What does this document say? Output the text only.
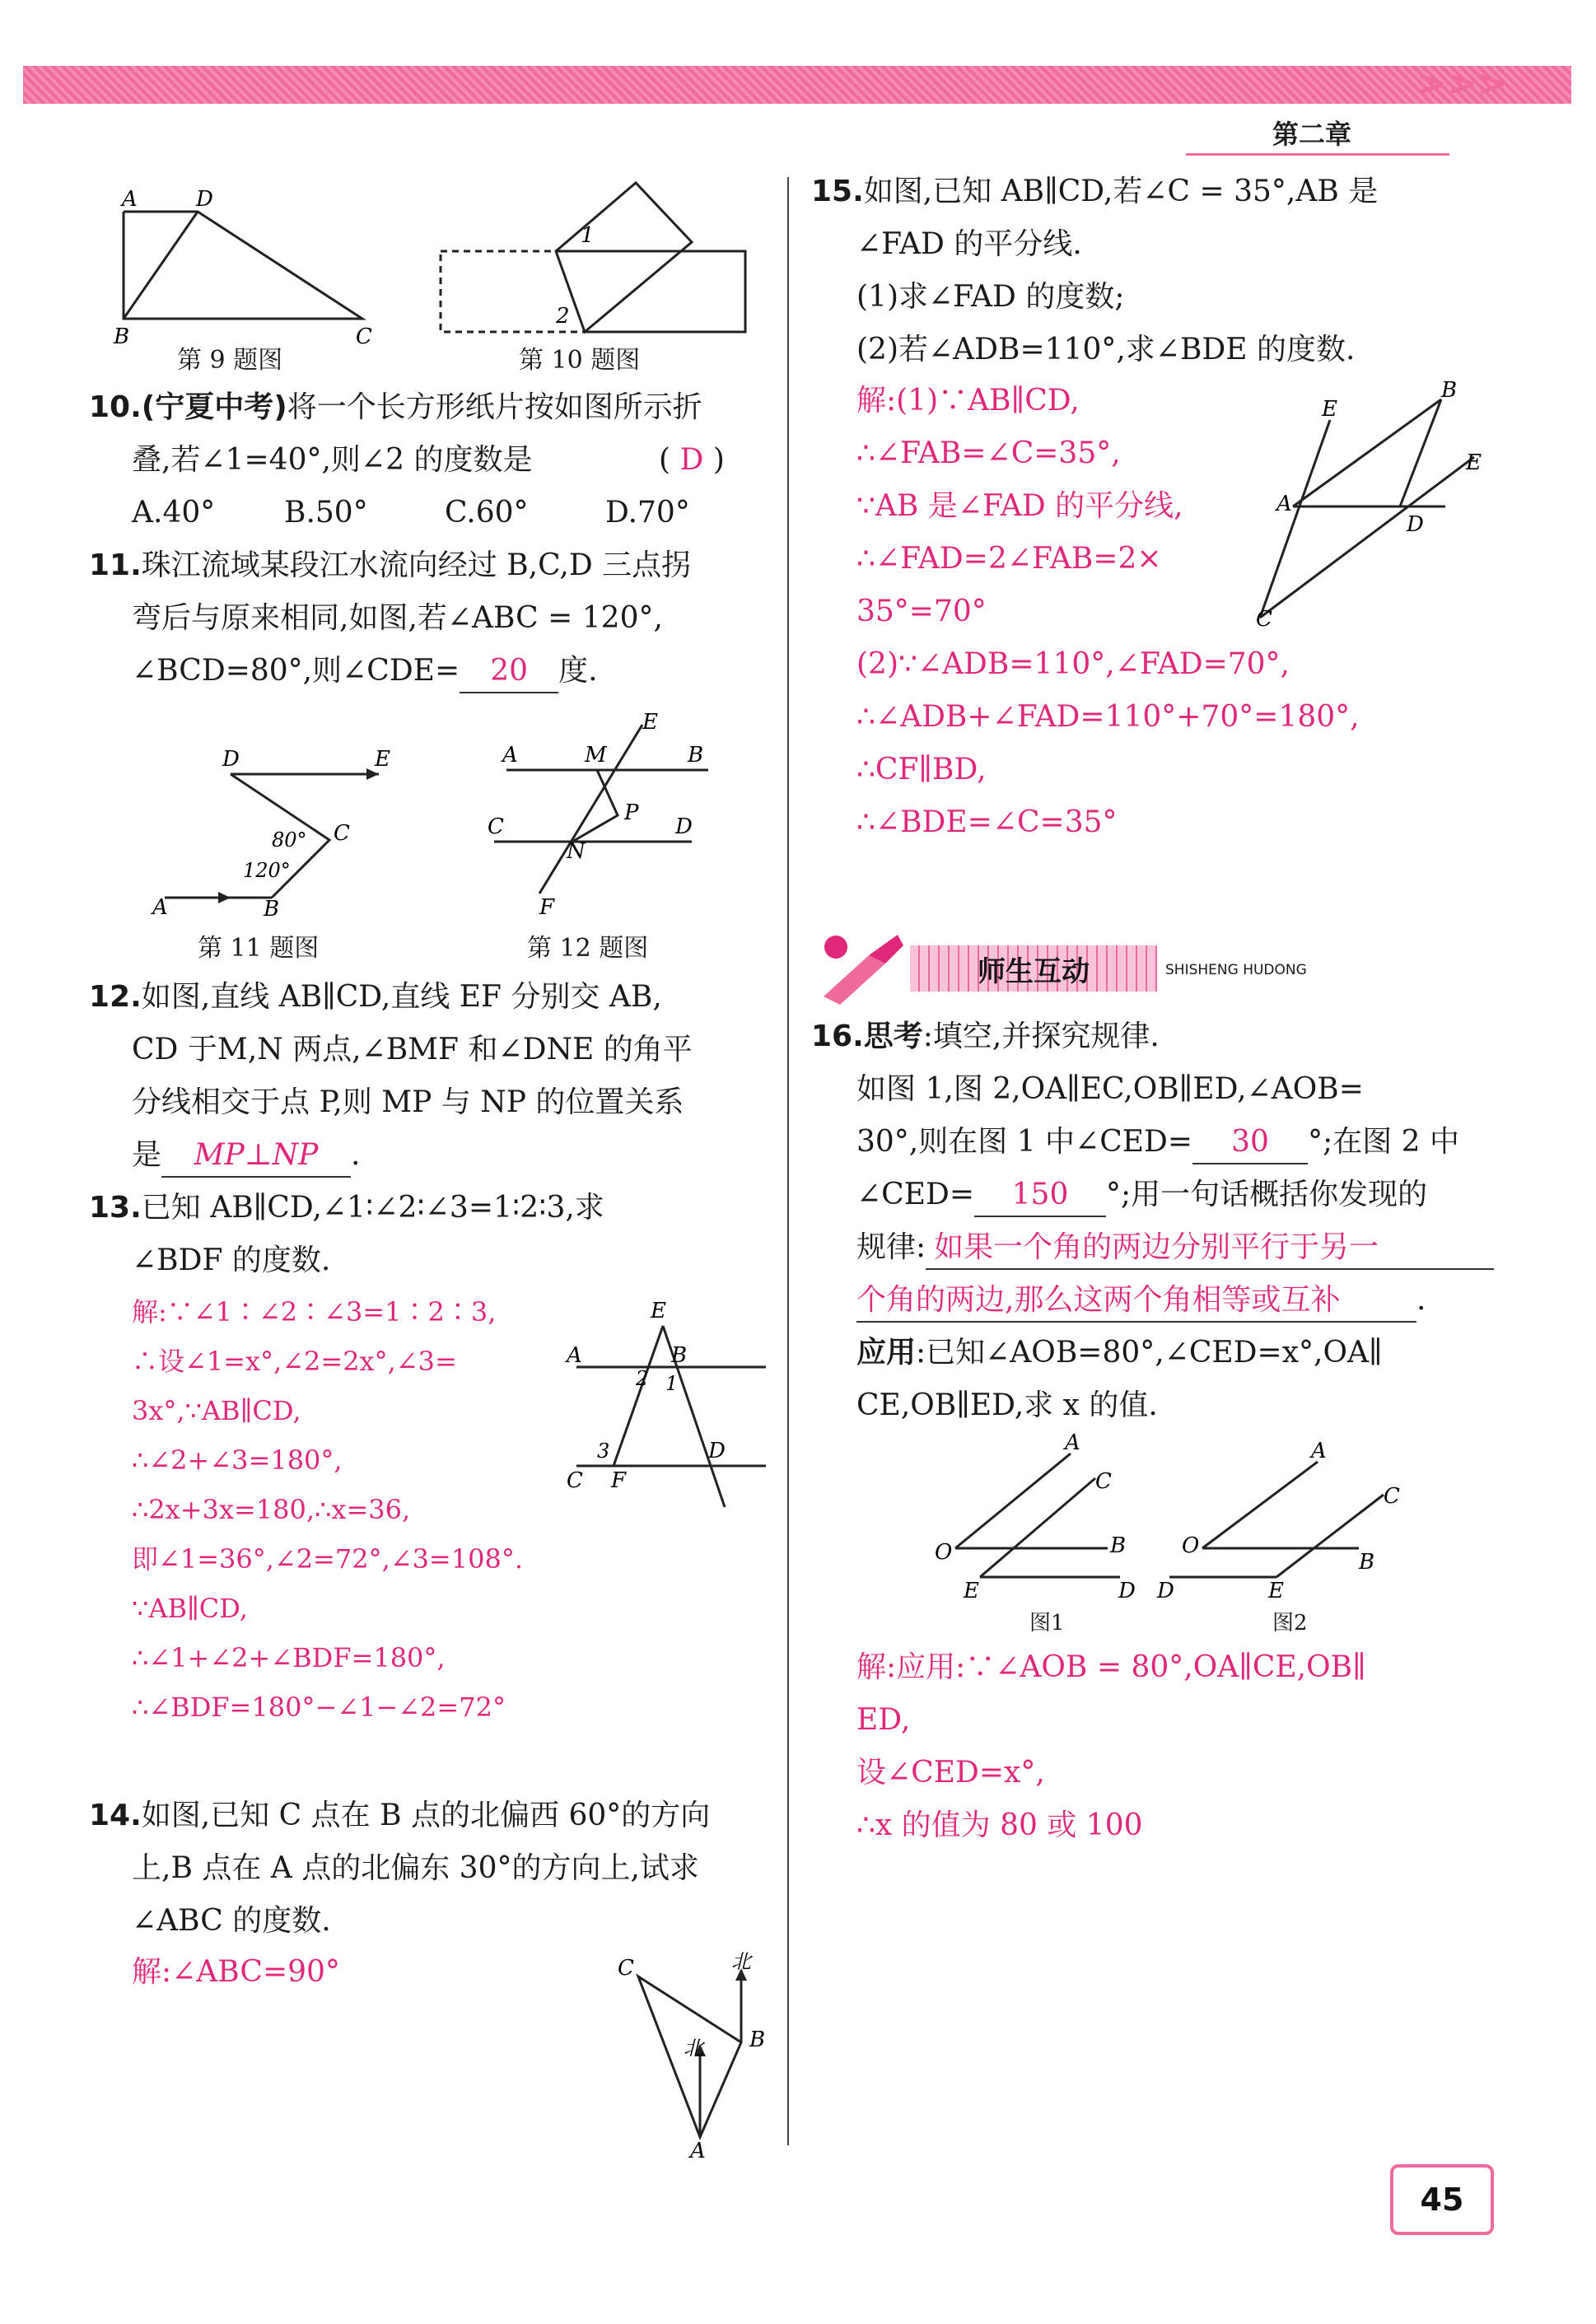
>>>
第二章
A	D
B	C
1
2
第 9 题图	第 10 题图
10.(宁夏中考)将一个长方形纸片按如图所示折
叠,若∠1=40°,则∠2 的度数是	( D )
A.40° B.50°	C.60°	D.70°
11.珠江流域某段江水流向经过 B,C,D 三点拐
弯后与原来相同,如图,若∠ABC = 120°,
∠BCD=80°,则∠CDE= 20 度.
D	E
C
80°
120°
A	B
A	M
E
B
C
P
D
N
F
第 11 题图	第 12 题图
12.如图,直线 AB∥CD,直线 EF 分别交 AB,
CD 于M,N 两点,∠BMF 和∠DNE 的角平
分线相交于点 P,则 MP 与 NP 的位置关系
是 MP⊥NP .
13.已知 AB∥CD,∠1∶∠2∶∠3=1∶2∶3,求
∠BDF 的度数.
解:∵∠1∶∠2∶∠3=1∶2∶3,
∴设∠1=x°,∠2=2x°,∠3=
3x°,∵AB∥CD,
∴∠2+∠3=180°,
∴2x+3x=180,∴x=36,
即∠1=36°,∠2=72°,∠3=108°.
∵AB∥CD,
∴∠1+∠2+∠BDF=180°,
∴∠BDF=180°−∠1−∠2=72°
E
A	B
2 1
3
C F
D
14.如图,已知 C 点在 B 点的北偏西 60°的方向
上,B 点在 A 点的北偏东 30°的方向上,试求
∠ABC 的度数.
解:∠ABC=90°	C	北
B
北
A
15.如图,已知 AB∥CD,若∠C = 35°,AB 是
∠FAD 的平分线.
(1)求∠FAD 的度数;
(2)若∠ADB=110°,求∠BDE 的度数.
解:(1)∵AB∥CD,
∴∠FAB=∠C=35°,
∵AB 是∠FAD 的平分线,
∴∠FAD=2∠FAB=2×
35°=70°
(2)∵∠ADB=110°,∠FAD=70°,
∴∠ADB+∠FAD=110°+70°=180°,
∴CF∥BD,
∴∠BDE=∠C=35°
E
B
A
D
E
C
师生互动	SHISHENG HUDONG
16.思考:填空,并探究规律.
如图 1,图 2,OA∥EC,OB∥ED,∠AOB=
30°,则在图 1 中∠CED= 30 °;在图 2 中
∠CED= 150 °;用一句话概括你发现的
规律: 如果一个角的两边分别平行于另一
个角的两边,那么这两个角相等或互补	.
应用:已知∠AOB=80°,∠CED=x°,OA∥
CE,OB∥ED,求 x 的值.
A
C
O	B
E	D
A
C
O
B
D	E
图1	图2
解:应用:∵∠AOB = 80°,OA∥CE,OB∥
ED,
设∠CED=x°,
∴x 的值为 80 或 100
45
